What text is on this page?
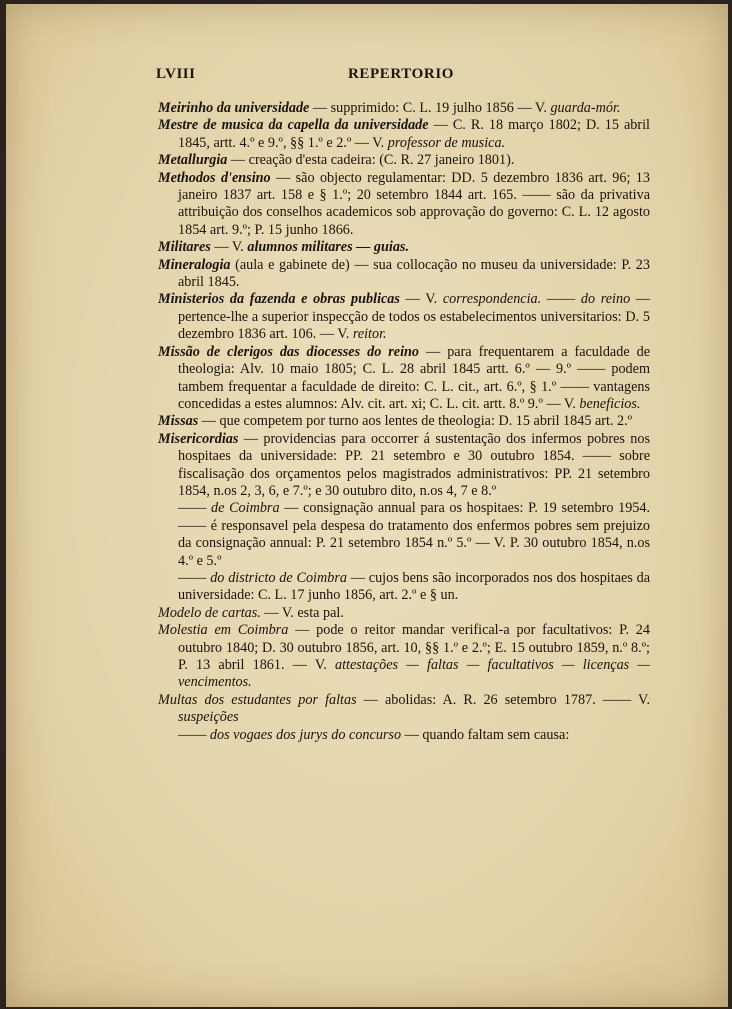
LVIII	REPERTORIO

Meirinho da universidade — supprimido: C. L. 19 julho 1856 — V. guarda-mór.

Mestre de musica da capella da universidade — C. R. 18 março 1802; D. 15 abril 1845, artt. 4.º e 9.º, §§ 1.º e 2.º — V. professor de musica.

Metallurgia — creação d'esta cadeira: (C. R. 27 janeiro 1801).

Methodos d'ensino — são objecto regulamentar: DD. 5 dezembro 1836 art. 96; 13 janeiro 1837 art. 158 e § 1.º; 20 setembro 1844 art. 165. —— são da privativa attribuição dos conselhos academicos sob approvação do governo: C. L. 12 agosto 1854 art. 9.º; P. 15 junho 1866.

Militares — V. alumnos militares — guias.

Mineralogia (aula e gabinete de) — sua collocação no museu da universidade: P. 23 abril 1845.

Ministerios da fazenda e obras publicas — V. correspondencia. —— do reino — pertence-lhe a superior inspecção de todos os estabelecimentos universitarios: D. 5 dezembro 1836 art. 106. — V. reitor.

Missão de clerigos das diocesses do reino — para frequentarem a faculdade de theologia: Alv. 10 maio 1805; C. L. 28 abril 1845 artt. 6.º — 9.º —— podem tambem frequentar a faculdade de direito: C. L. cit., art. 6.º, § 1.º —— vantagens concedidas a estes alumnos: Alv. cit. art. xi; C. L. cit. artt. 8.º 9.º — V. beneficios.

Missas — que competem por turno aos lentes de theologia: D. 15 abril 1845 art. 2.º

Misericordias — providencias para occorrer á sustentação dos infermos pobres nos hospitaes da universidade: PP. 21 setembro e 30 outubro 1854. —— sobre fiscalisação dos orçamentos pelos magistrados administrativos: PP. 21 setembro 1854, n.os 2, 3, 6, e 7.º; e 30 outubro dito, n.os 4, 7 e 8.º

—— de Coimbra — consignação annual para os hospitaes: P. 19 setembro 1954. —— é responsavel pela despesa do tratamento dos enfermos pobres sem prejuizo da consignação annual: P. 21 setembro 1854 n.º 5.º — V. P. 30 outubro 1854, n.os 4.º e 5.º

—— do districto de Coimbra — cujos bens são incorporados nos dos hospitaes da universidade: C. L. 17 junho 1856, art. 2.º e § un.

Modelo de cartas. — V. esta pal.

Molestia em Coimbra — pode o reitor mandar verifical-a por facultativos: P. 24 outubro 1840; D. 30 outubro 1856, art. 10, §§ 1.º e 2.º; E. 15 outubro 1859, n.º 8.º; P. 13 abril 1861. — V. attestações — faltas — facultativos — licenças — vencimentos.

Multas dos estudantes por faltas — abolidas: A. R. 26 setembro 1787. —— V. suspeições

—— dos vogaes dos jurys do concurso — quando faltam sem causa:
